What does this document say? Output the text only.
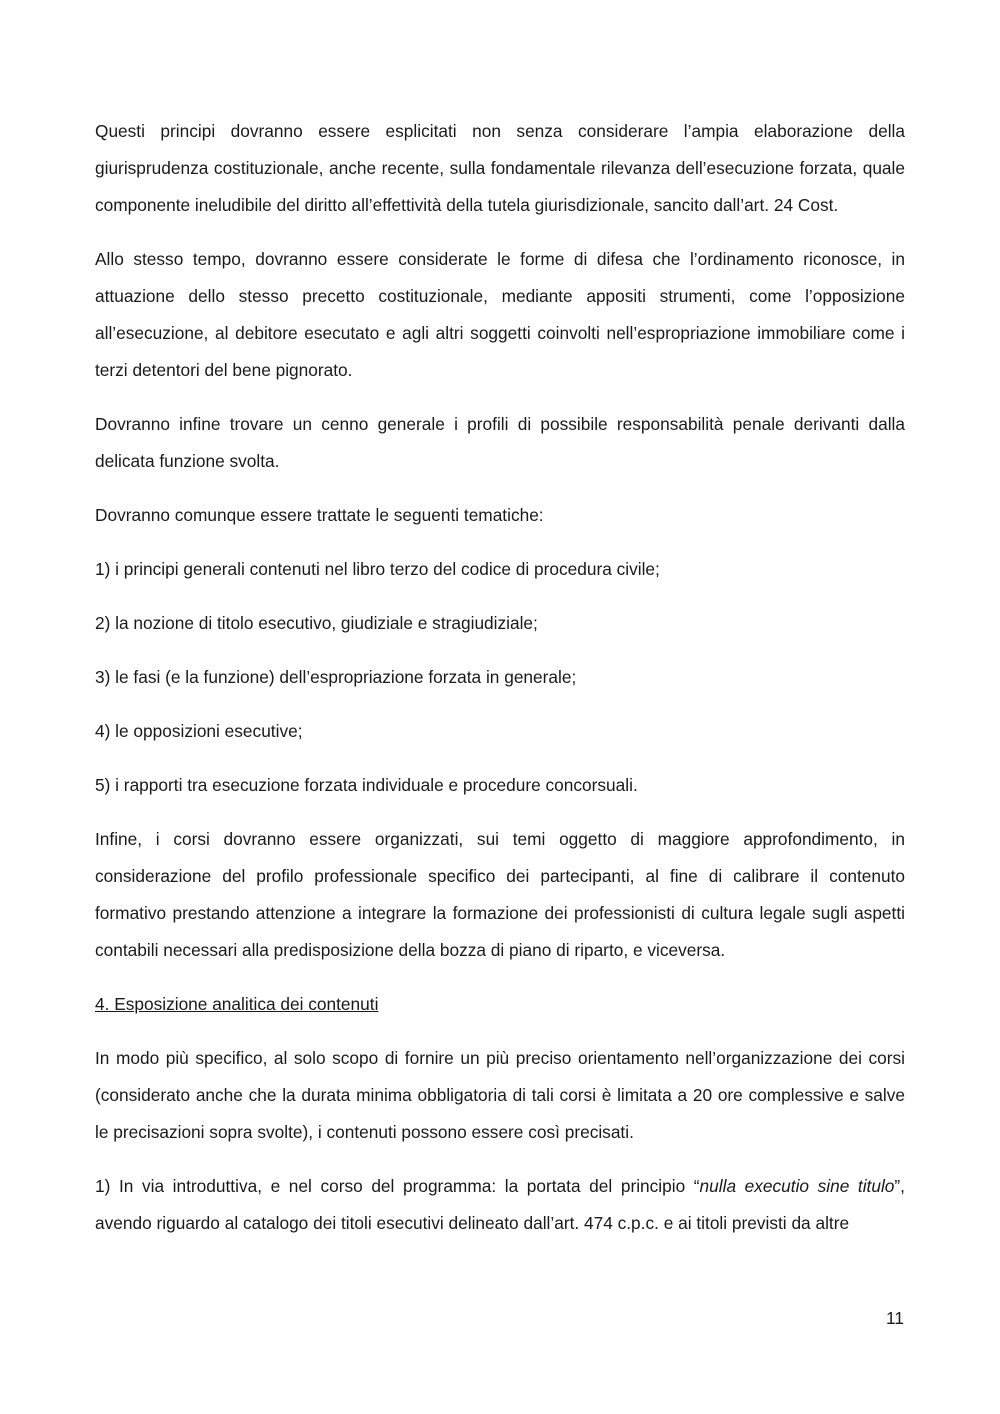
Questi principi dovranno essere esplicitati non senza considerare l’ampia elaborazione della giurisprudenza costituzionale, anche recente, sulla fondamentale rilevanza dell’esecuzione forzata, quale componente ineludibile del diritto all’effettività della tutela giurisdizionale, sancito dall’art. 24 Cost.

Allo stesso tempo, dovranno essere considerate le forme di difesa che l’ordinamento riconosce, in attuazione dello stesso precetto costituzionale, mediante appositi strumenti, come l’opposizione all’esecuzione, al debitore esecutato e agli altri soggetti coinvolti nell’espropriazione immobiliare come i terzi detentori del bene pignorato.

Dovranno infine trovare un cenno generale i profili di possibile responsabilità penale derivanti dalla delicata funzione svolta.

Dovranno comunque essere trattate le seguenti tematiche:

1) i principi generali contenuti nel libro terzo del codice di procedura civile;

2) la nozione di titolo esecutivo, giudiziale e stragiudiziale;

3) le fasi (e la funzione) dell’espropriazione forzata in generale;

4) le opposizioni esecutive;

5) i rapporti tra esecuzione forzata individuale e procedure concorsuali.

Infine, i corsi dovranno essere organizzati, sui temi oggetto di maggiore approfondimento, in considerazione del profilo professionale specifico dei partecipanti, al fine di calibrare il contenuto formativo prestando attenzione a integrare la formazione dei professionisti di cultura legale sugli aspetti contabili necessari alla predisposizione della bozza di piano di riparto, e viceversa.

4. Esposizione analitica dei contenuti

In modo più specifico, al solo scopo di fornire un più preciso orientamento nell’organizzazione dei corsi (considerato anche che la durata minima obbligatoria di tali corsi è limitata a 20 ore complessive e salve le precisazioni sopra svolte), i contenuti possono essere così precisati.

1) In via introduttiva, e nel corso del programma: la portata del principio “nulla executio sine titulo”, avendo riguardo al catalogo dei titoli esecutivi delineato dall’art. 474 c.p.c. e ai titoli previsti da altre

11
